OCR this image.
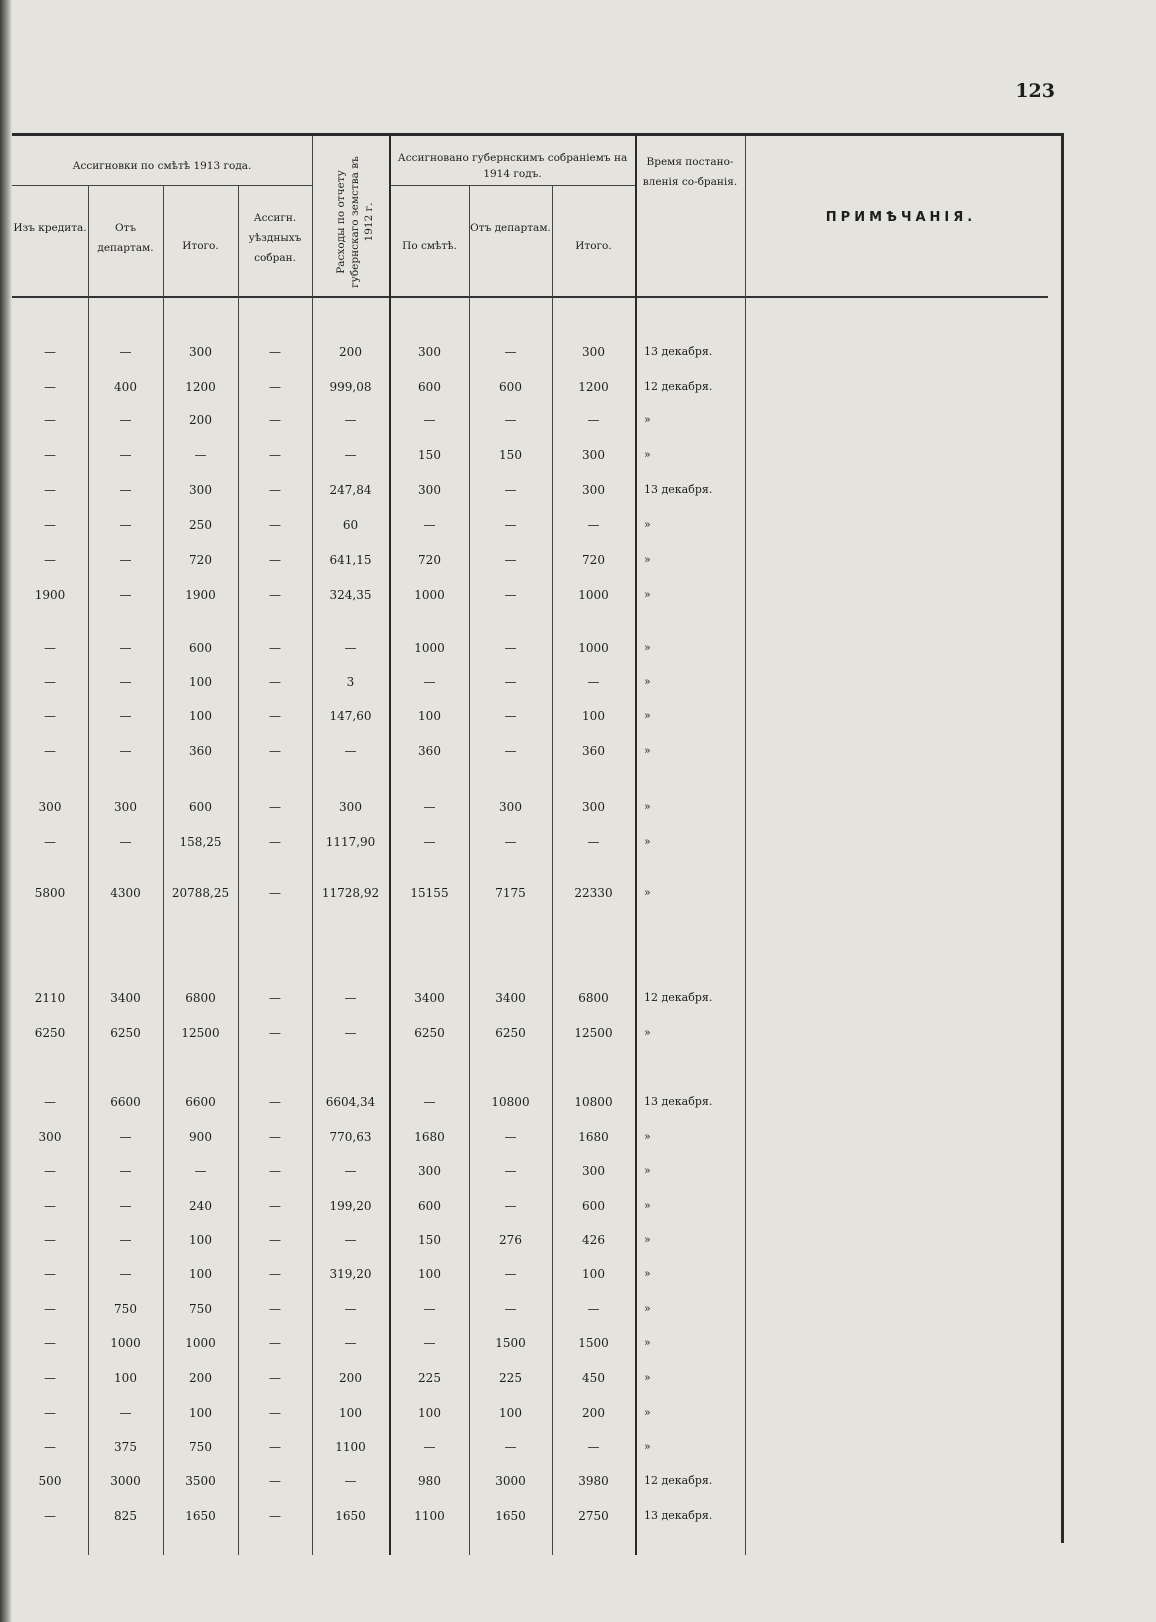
123
Ассигновки по смѣтѣ 1913 года.
Изъ кредита.	Отъ департам.	Итого.
Ассигн. уѣздныхъ собран.	Расходы по отчету губернскаго земства въ 1912 г.
Ассигновано губернскимъ собраніемъ на 1914 годъ.
По смѣтѣ.
Отъ департам.
Итого.
Время постано-вленія со-бранія.
ПРИМѢЧАНІЯ.
—	—	300	—	200	300	—	300	13 декабря.
—	400	1200	—	999,08	600	600	1200	12 декабря.
—	—	200	—	—	—	—	—	»
—	—	—	—	—	150	150	300	»
—	—	300	—	247,84	300	—	300	13 декабря.
—	—	250	—	60	—	—	—	»
—	—	720	—	641,15	720	—	720	»
1900	—	1900	—	324,35	1000	—	1000	»
—	—	600	—	—	1000	—	1000	»
—	—	100	—	3	—	—	—	»
—	—	100	—	147,60	100	—	100	»
—	—	360	—	—	360	—	360	»
300	300	600	—	300	—	300	300	»
—	—	158,25	—	1117,90	—	—	—	»
5800	4300	20788,25	—	11728,92	15155	7175	22330	»
2110	3400	6800	—	—	3400	3400	6800	12 декабря.
6250	6250	12500	—	—	6250	6250	12500	»
—	6600	6600	—	6604,34	—	10800	10800	13 декабря.
300	—	900	—	770,63	1680	—	1680	»
—	—	—	—	—	300	—	300	»
—	—	240	—	199,20	600	—	600	»
—	—	100	—	—	150	276	426	»
—	—	100	—	319,20	100	—	100	»
—	750	750	—	—	—	—	—	»
—	1000	1000	—	—	—	1500	1500	»
—	100	200	—	200	225	225	450	»
—	—	100	—	100	100	100	200	»
—	375	750	—	1100	—	—	—	»
500	3000	3500	—	—	980	3000	3980	12 декабря.
—	825	1650	—	1650	1100	1650	2750	13 декабря.
